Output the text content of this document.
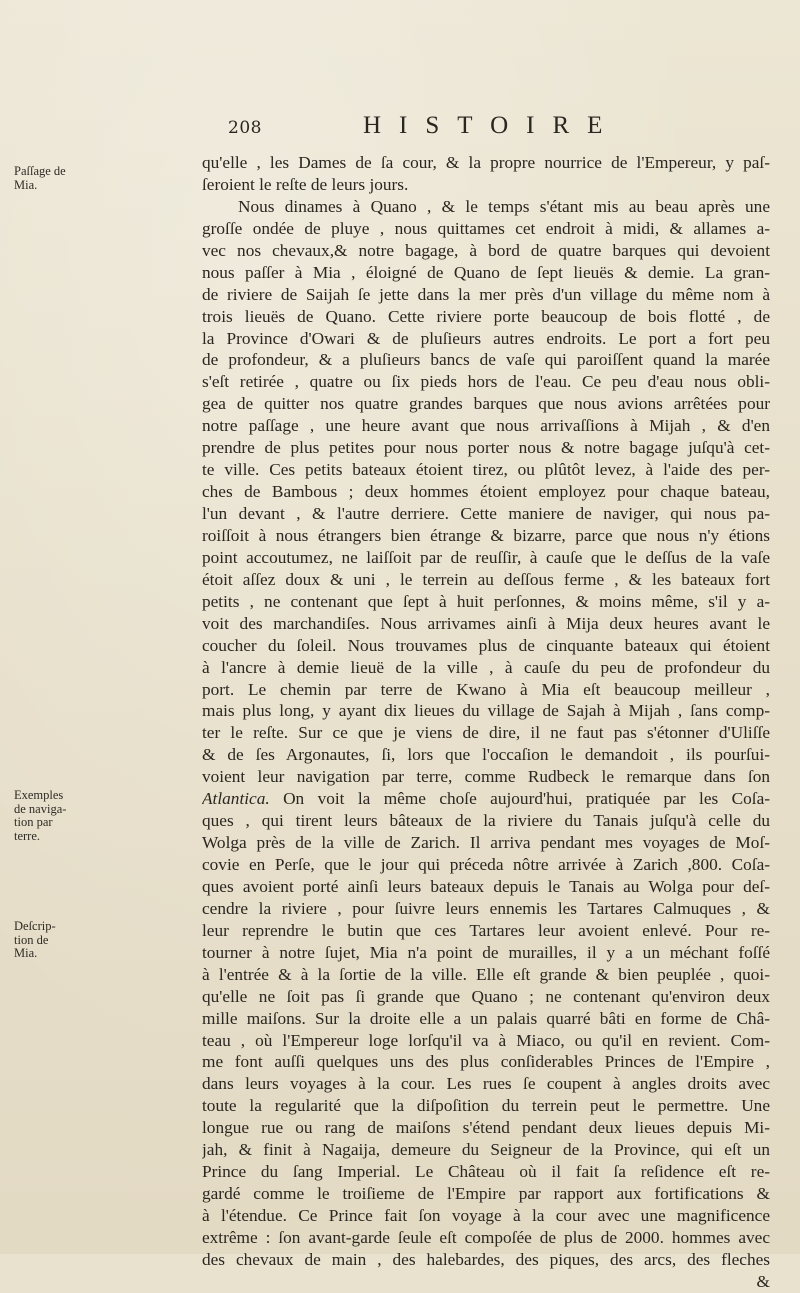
208	HISTOIRE
Paſſage de
Mia.
Exemples
de naviga-
tion par
terre.
Deſcrip-
tion de
Mia.
qu'elle , les Dames de ſa cour, & la propre nourrice de l'Empereur, y paſ-
ſeroient le reſte de leurs jours.
Nous dinames à Quano , & le temps s'étant mis au beau après une
groſſe ondée de pluye , nous quittames cet endroit à midi, & allames a-
vec nos chevaux,& notre bagage, à bord de quatre barques qui devoient
nous paſſer à Mia , éloigné de Quano de ſept lieuës & demie. La gran-
de riviere de Saijah ſe jette dans la mer près d'un village du même nom à
trois lieuës de Quano. Cette riviere porte beaucoup de bois flotté , de
la Province d'Owari & de pluſieurs autres endroits. Le port a fort peu
de profondeur, & a pluſieurs bancs de vaſe qui paroiſſent quand la marée
s'eſt retirée , quatre ou ſix pieds hors de l'eau. Ce peu d'eau nous obli-
gea de quitter nos quatre grandes barques que nous avions arrêtées pour
notre paſſage , une heure avant que nous arrivaſſions à Mijah , & d'en
prendre de plus petites pour nous porter nous & notre bagage juſqu'à cet-
te ville. Ces petits bateaux étoient tirez, ou plûtôt levez, à l'aide des per-
ches de Bambous ; deux hommes étoient employez pour chaque bateau,
l'un devant , & l'autre derriere. Cette maniere de naviger, qui nous pa-
roiſſoit à nous étrangers bien étrange & bizarre, parce que nous n'y étions
point accoutumez, ne laiſſoit par de reuſſir, à cauſe que le deſſus de la vaſe
étoit aſſez doux & uni , le terrein au deſſous ferme , & les bateaux fort
petits , ne contenant que ſept à huit perſonnes, & moins même, s'il y a-
voit des marchandiſes. Nous arrivames ainſi à Mija deux heures avant le
coucher du ſoleil. Nous trouvames plus de cinquante bateaux qui étoient
à l'ancre à demie lieuë de la ville , à cauſe du peu de profondeur du
port. Le chemin par terre de Kwano à Mia eſt beaucoup meilleur ,
mais plus long, y ayant dix lieues du village de Sajah à Mijah , ſans comp-
ter le reſte. Sur ce que je viens de dire, il ne faut pas s'étonner d'Uliſſe
& de ſes Argonautes, ſi, lors que l'occaſion le demandoit , ils pourſui-
voient leur navigation par terre, comme Rudbeck le remarque dans ſon
Atlantica. On voit la même choſe aujourd'hui, pratiquée par les Coſa-
ques , qui tirent leurs bâteaux de la riviere du Tanais juſqu'à celle du
Wolga près de la ville de Zarich. Il arriva pendant mes voyages de Moſ-
covie en Perſe, que le jour qui préceda nôtre arrivée à Zarich ,800. Coſa-
ques avoient porté ainſi leurs bateaux depuis le Tanais au Wolga pour deſ-
cendre la riviere , pour ſuivre leurs ennemis les Tartares Calmuques , &
leur reprendre le butin que ces Tartares leur avoient enlevé. Pour re-
tourner à notre ſujet, Mia n'a point de murailles, il y a un méchant foſſé
à l'entrée & à la ſortie de la ville. Elle eſt grande & bien peuplée , quoi-
qu'elle ne ſoit pas ſi grande que Quano ; ne contenant qu'environ deux
mille maiſons. Sur la droite elle a un palais quarré bâti en forme de Châ-
teau , où l'Empereur loge lorſqu'il va à Miaco, ou qu'il en revient. Com-
me font auſſi quelques uns des plus conſiderables Princes de l'Empire ,
dans leurs voyages à la cour. Les rues ſe coupent à angles droits avec
toute la regularité que la diſpoſition du terrein peut le permettre. Une
longue rue ou rang de maiſons s'étend pendant deux lieues depuis Mi-
jah, & finit à Nagaija, demeure du Seigneur de la Province, qui eſt un
Prince du ſang Imperial. Le Château où il fait ſa reſidence eſt re-
gardé comme le troiſieme de l'Empire par rapport aux fortifications &
à l'étendue. Ce Prince fait ſon voyage à la cour avec une magnificence
extrême : ſon avant-garde ſeule eſt compoſée de plus de 2000. hommes avec
des chevaux de main , des halebardes, des piques, des arcs, des fleches
&
